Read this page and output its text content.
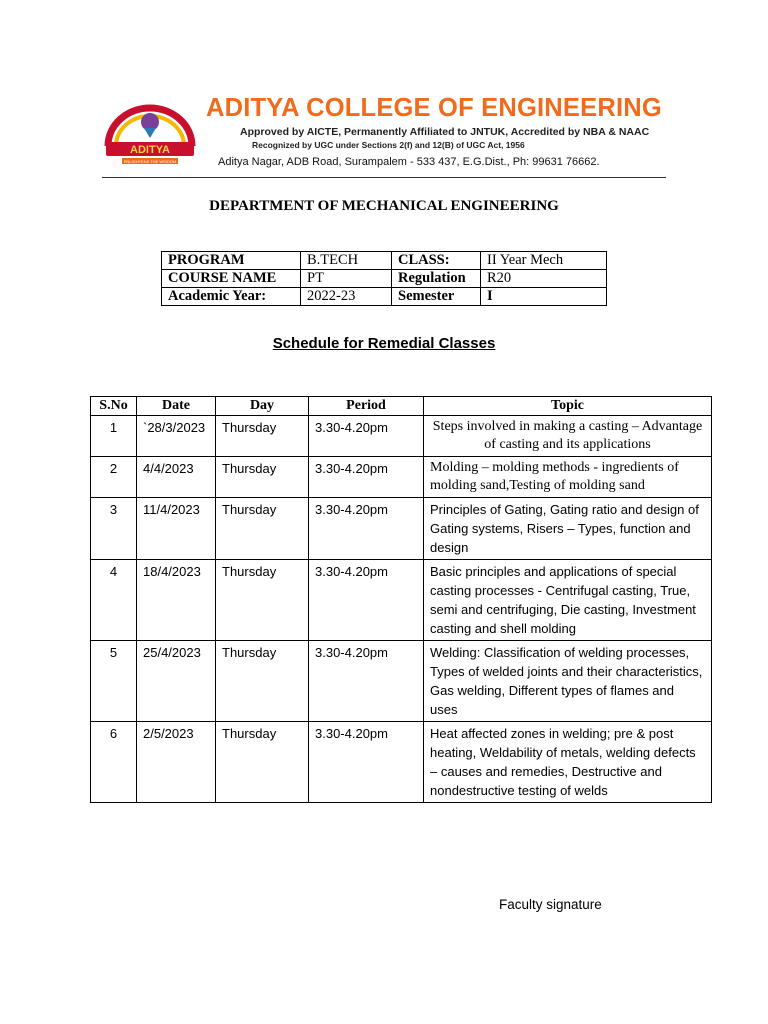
ADITYA
ENLIGHTENS THE WISDOM
ADITYA COLLEGE OF ENGINEERING
Approved by AICTE, Permanently Affiliated to JNTUK, Accredited by NBA & NAAC
Recognized by UGC under Sections 2(f) and 12(B) of UGC Act, 1956
Aditya Nagar, ADB Road, Surampalem - 533 437, E.G.Dist., Ph: 99631 76662.
DEPARTMENT OF MECHANICAL ENGINEERING
PROGRAM	B.TECH	CLASS:	II Year Mech
COURSE NAME	PT	Regulation	R20
Academic Year:	2022-23	Semester	I
Schedule for Remedial Classes
S.No	Date	Day	Period	Topic
1	`28/3/2023	Thursday	3.30-4.20pm	Steps involved in making a casting – Advantage of casting and its applications
2	4/4/2023	Thursday	3.30-4.20pm	Molding – molding methods - ingredients of molding sand,Testing of molding sand
3	11/4/2023	Thursday	3.30-4.20pm	Principles of Gating, Gating ratio and design of Gating systems, Risers – Types, function and design
4	18/4/2023	Thursday	3.30-4.20pm	Basic principles and applications of special casting processes - Centrifugal casting, True, semi and centrifuging, Die casting, Investment casting and shell molding
5	25/4/2023	Thursday	3.30-4.20pm	Welding: Classification of welding processes, Types of welded joints and their characteristics, Gas welding, Different types of flames and uses
6	2/5/2023	Thursday	3.30-4.20pm	Heat affected zones in welding; pre & post heating, Weldability of metals, welding defects – causes and remedies, Destructive and nondestructive testing of welds
Faculty signature
